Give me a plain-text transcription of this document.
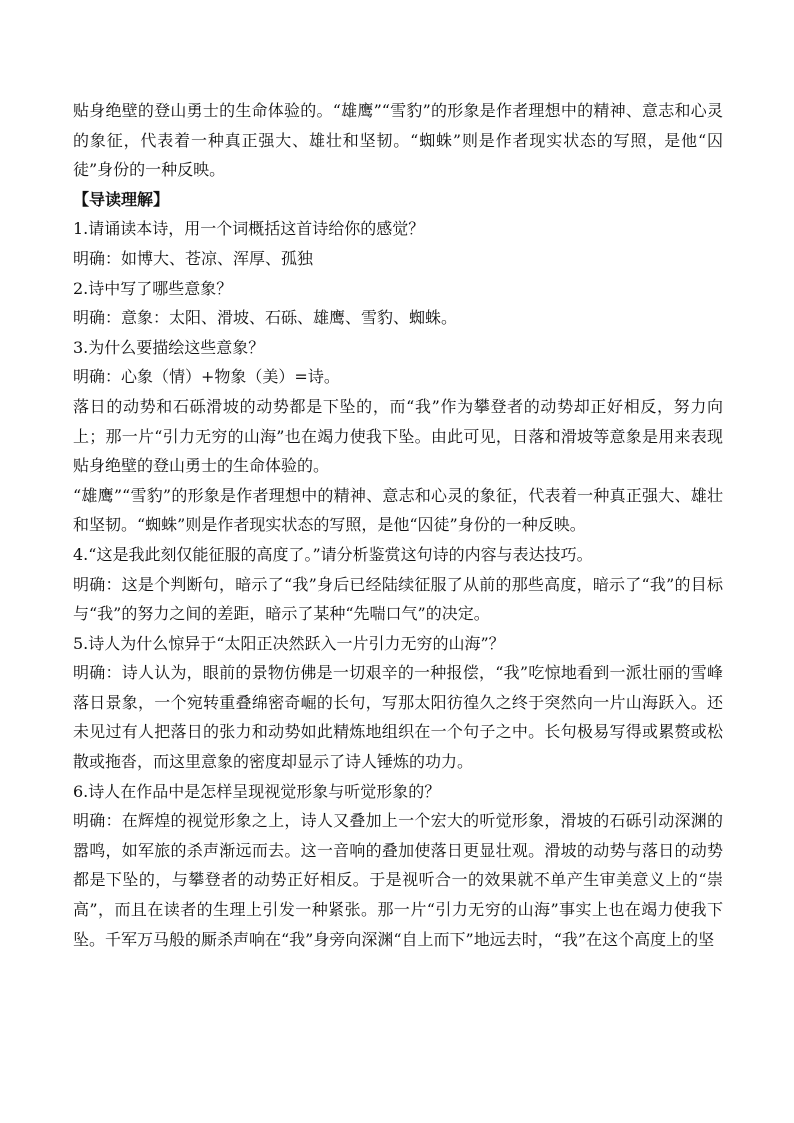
贴身绝壁的登山勇士的生命体验的。“雄鹰”“雪豹”的形象是作者理想中的精神、意志和心灵的象征，代表着一种真正强大、雄壮和坚韧。“蜘蛛”则是作者现实状态的写照，是他“囚徒”身份的一种反映。

【导读理解】

1.请诵读本诗，用一个词概括这首诗给你的感觉？

明确：如博大、苍凉、浑厚、孤独

2.诗中写了哪些意象？

明确：意象：太阳、滑坡、石砾、雄鹰、雪豹、蜘蛛。

3.为什么要描绘这些意象？

明确：心象（情）+物象（美）=诗。

落日的动势和石砾滑坡的动势都是下坠的，而“我”作为攀登者的动势却正好相反，努力向上；那一片“引力无穷的山海”也在竭力使我下坠。由此可见，日落和滑坡等意象是用来表现贴身绝壁的登山勇士的生命体验的。

“雄鹰”“雪豹”的形象是作者理想中的精神、意志和心灵的象征，代表着一种真正强大、雄壮和坚韧。“蜘蛛”则是作者现实状态的写照，是他“囚徒”身份的一种反映。

4.“这是我此刻仅能征服的高度了。”请分析鉴赏这句诗的内容与表达技巧。

明确：这是个判断句，暗示了“我”身后已经陆续征服了从前的那些高度，暗示了“我”的目标与“我”的努力之间的差距，暗示了某种“先喘口气”的决定。

5.诗人为什么惊异于“太阳正决然跃入一片引力无穷的山海”？

明确：诗人认为，眼前的景物仿佛是一切艰辛的一种报偿，“我”吃惊地看到一派壮丽的雪峰落日景象，一个宛转重叠绵密奇崛的长句，写那太阳彷徨久之终于突然向一片山海跃入。还未见过有人把落日的张力和动势如此精炼地组织在一个句子之中。长句极易写得或累赘或松散或拖沓，而这里意象的密度却显示了诗人锤炼的功力。

6.诗人在作品中是怎样呈现视觉形象与听觉形象的？

明确：在辉煌的视觉形象之上，诗人又叠加上一个宏大的听觉形象，滑坡的石砾引动深渊的嚣鸣，如军旅的杀声渐远而去。这一音响的叠加使落日更显壮观。滑坡的动势与落日的动势都是下坠的，与攀登者的动势正好相反。于是视听合一的效果就不单产生审美意义上的“崇高”，而且在读者的生理上引发一种紧张。那一片“引力无穷的山海”事实上也在竭力使我下坠。千军万马般的厮杀声响在“我”身旁向深渊“自上而下”地远去时，“我”在这个高度上的坚
